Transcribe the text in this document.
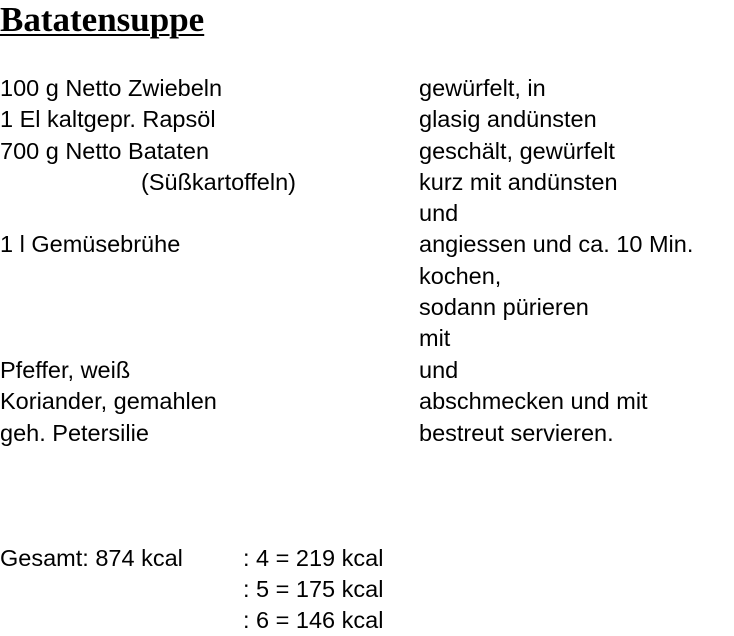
Batatensuppe
100 g Netto Zwiebeln
1 El kaltgepr. Rapsöl
700 g Netto Bataten
(Süßkartoffeln)
1 l Gemüsebrühe
Pfeffer, weiß
Koriander, gemahlen
geh. Petersilie
gewürfelt, in
glasig andünsten
geschält, gewürfelt
kurz mit andünsten
und
angiessen und ca. 10 Min.
kochen,
sodann pürieren
mit
und
abschmecken und mit
bestreut servieren.
Gesamt: 874 kcal	: 4 = 219 kcal
: 5 = 175 kcal
: 6 = 146 kcal
